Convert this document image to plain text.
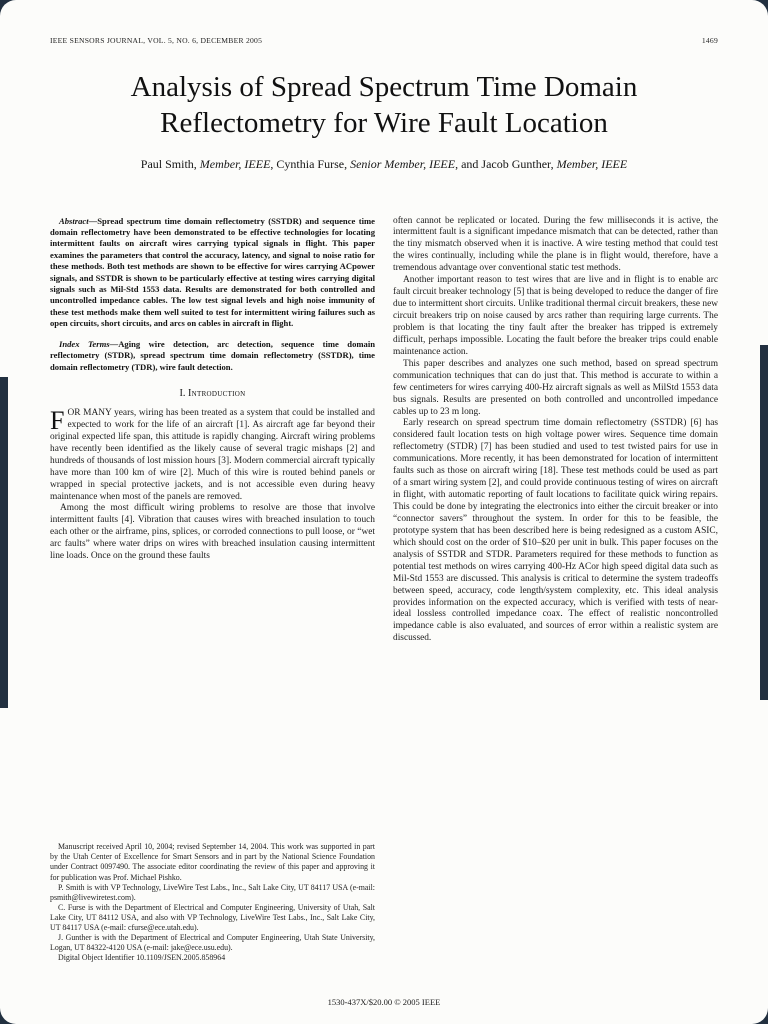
IEEE SENSORS JOURNAL, VOL. 5, NO. 6, DECEMBER 2005	1469
Analysis of Spread Spectrum Time Domain Reflectometry for Wire Fault Location
Paul Smith, Member, IEEE, Cynthia Furse, Senior Member, IEEE, and Jacob Gunther, Member, IEEE

Abstract—Spread spectrum time domain reflectometry (SSTDR) and sequence time domain reflectometry have been demonstrated to be effective technologies for locating intermittent faults on aircraft wires carrying typical signals in flight. This paper examines the parameters that control the accuracy, latency, and signal to noise ratio for these methods. Both test methods are shown to be effective for wires carrying ACpower signals, and SSTDR is shown to be particularly effective at testing wires carrying digital signals such as Mil-Std 1553 data. Results are demonstrated for both controlled and uncontrolled impedance cables. The low test signal levels and high noise immunity of these test methods make them well suited to test for intermittent wiring failures such as open circuits, short circuits, and arcs on cables in aircraft in flight.

Index Terms—Aging wire detection, arc detection, sequence time domain reflectometry (STDR), spread spectrum time domain reflectometry (SSTDR), time domain reflectometry (TDR), wire fault detection.

I. Introduction

FOR MANY years, wiring has been treated as a system that could be installed and expected to work for the life of an aircraft [1]. As aircraft age far beyond their original expected life span, this attitude is rapidly changing. Aircraft wiring problems have recently been identified as the likely cause of several tragic mishaps [2] and hundreds of thousands of lost mission hours [3]. Modern commercial aircraft typically have more than 100 km of wire [2]. Much of this wire is routed behind panels or wrapped in special protective jackets, and is not accessible even during heavy maintenance when most of the panels are removed.

Among the most difficult wiring problems to resolve are those that involve intermittent faults [4]. Vibration that causes wires with breached insulation to touch each other or the airframe, pins, splices, or corroded connections to pull loose, or “wet arc faults” where water drips on wires with breached insulation causing intermittent line loads. Once on the ground these faults

Manuscript received April 10, 2004; revised September 14, 2004. This work was supported in part by the Utah Center of Excellence for Smart Sensors and in part by the National Science Foundation under Contract 0097490. The associate editor coordinating the review of this paper and approving it for publication was Prof. Michael Pishko.

P. Smith is with VP Technology, LiveWire Test Labs., Inc., Salt Lake City, UT 84117 USA (e-mail: psmith@livewiretest.com).

C. Furse is with the Department of Electrical and Computer Engineering, University of Utah, Salt Lake City, UT 84112 USA, and also with VP Technology, LiveWire Test Labs., Inc., Salt Lake City, UT 84117 USA (e-mail: cfurse@ece.utah.edu).

J. Gunther is with the Department of Electrical and Computer Engineering, Utah State University, Logan, UT 84322-4120 USA (e-mail: jake@ece.usu.edu).

Digital Object Identifier 10.1109/JSEN.2005.858964

often cannot be replicated or located. During the few milliseconds it is active, the intermittent fault is a significant impedance mismatch that can be detected, rather than the tiny mismatch observed when it is inactive. A wire testing method that could test the wires continually, including while the plane is in flight would, therefore, have a tremendous advantage over conventional static test methods.

Another important reason to test wires that are live and in flight is to enable arc fault circuit breaker technology [5] that is being developed to reduce the danger of fire due to intermittent short circuits. Unlike traditional thermal circuit breakers, these new circuit breakers trip on noise caused by arcs rather than requiring large currents. The problem is that locating the tiny fault after the breaker has tripped is extremely difficult, perhaps impossible. Locating the fault before the breaker trips could enable maintenance action.

This paper describes and analyzes one such method, based on spread spectrum communication techniques that can do just that. This method is accurate to within a few centimeters for wires carrying 400-Hz aircraft signals as well as MilStd 1553 data bus signals. Results are presented on both controlled and uncontrolled impedance cables up to 23 m long.

Early research on spread spectrum time domain reflectometry (SSTDR) [6] has considered fault location tests on high voltage power wires. Sequence time domain reflectometry (STDR) [7] has been studied and used to test twisted pairs for use in communications. More recently, it has been demonstrated for location of intermittent faults such as those on aircraft wiring [18]. These test methods could be used as part of a smart wiring system [2], and could provide continuous testing of wires on aircraft in flight, with automatic reporting of fault locations to facilitate quick wiring repairs. This could be done by integrating the electronics into either the circuit breaker or into “connector savers” throughout the system. In order for this to be feasible, the prototype system that has been described here is being redesigned as a custom ASIC, which should cost on the order of $10–$20 per unit in bulk. This paper focuses on the analysis of SSTDR and STDR. Parameters required for these methods to function as potential test methods on wires carrying 400-Hz ACor high speed digital data such as Mil-Std 1553 are discussed. This analysis is critical to determine the system tradeoffs between speed, accuracy, code length/system complexity, etc. This ideal analysis provides information on the expected accuracy, which is verified with tests of near-ideal lossless controlled impedance coax. The effect of realistic noncontrolled impedance cable is also evaluated, and sources of error within a realistic system are discussed.

1530-437X/$20.00 © 2005 IEEE
